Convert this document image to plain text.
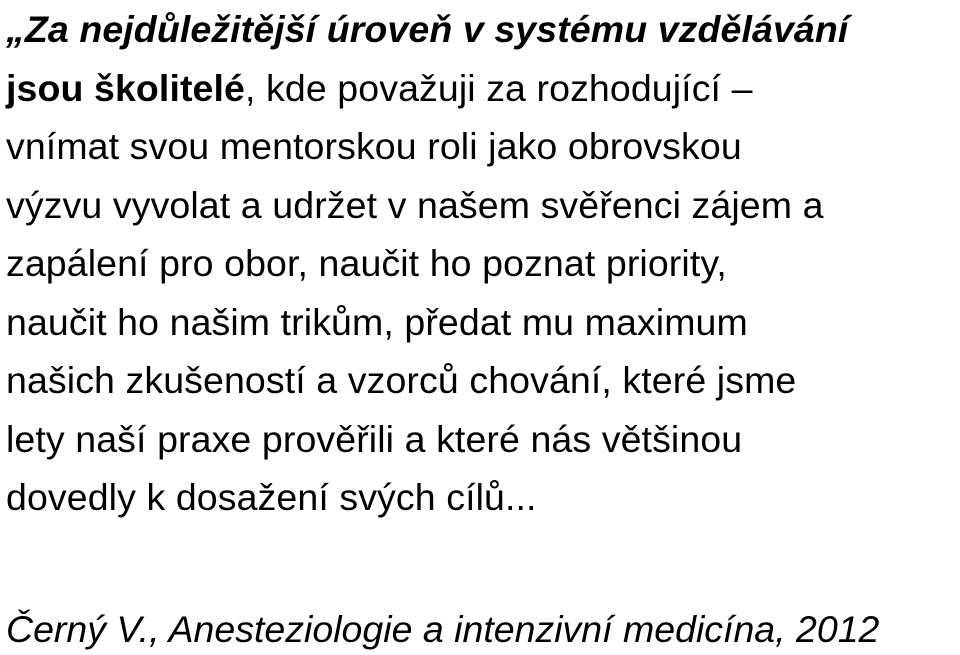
„Za nejdůležitější úroveň v systému vzdělávání
jsou školitelé, kde považuji za rozhodující –
vnímat svou mentorskou roli jako obrovskou
výzvu vyvolat a udržet v našem svěřenci zájem a
zapálení pro obor, naučit ho poznat priority,
naučit ho našim trikům, předat mu maximum
našich zkušeností a vzorců chování, které jsme
lety naší praxe prověřili a které nás většinou
dovedly k dosažení svých cílů...

Černý V., Anesteziologie a intenzivní medicína, 2012
